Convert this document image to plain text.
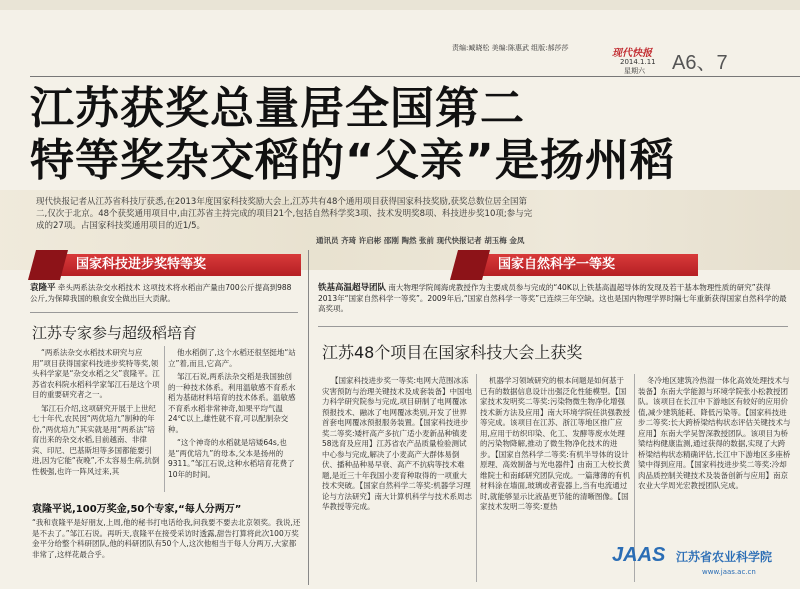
责编:臧晓松 美编:陈惠武 组版:郝莎莎	现代快报
2014.1.11
星期六 A6、7
江苏获奖总量居全国第二
特等奖杂交稻的“父亲”是扬州稻
现代快报记者从江苏省科技厅获悉,在2013年度国家科技奖励大会上,江苏共有48个通用项目获得国家科技奖励,获奖总数位居全国第二,仅次于北京。48个获奖通用项目中,由江苏省主持完成的项目21个,包括自然科学奖3项、技术发明奖8项、科技进步奖10项;参与完成的27项。占国家科技奖通用项目的近1/5。
通讯员 齐琦 许启彬 邵刚 陶然 张前 现代快报记者 胡玉梅 金凤
国家科技进步奖特等奖
袁隆平 牵头两系法杂交水稻技术 这项技术将水稻亩产量由700公斤提高到988公斤,为保障我国的粮食安全做出巨大贡献。
江苏专家参与超级稻培育

“两系法杂交水稻技术研究与应用”项目获得国家科技进步奖特等奖,领头科学家是“杂交水稻之父”袁隆平。江苏省农科院水稻科学家邹江石是这个项目的重要研究者之一。

邹江石介绍,这项研究开展于上世纪七十年代,农民因“两优培九”制种的年份,“两优培九”其实就是用“两系法”培育出来的杂交水稻,目前越南、非律宾、印尼、巴基斯坦等多国都能要引进,因为它能“夜晚”,不太容易生病,抗倒性极强,也许一阵风过来,其

他水稻倒了,这个水稻还很坚挺地“站立”着,而且,它高产。

邹江石说,两系法杂交稻是我国独创的一种技术体系。利用温敏感不育系水稻为基础材料培育的技术体系。温敏感不育系水稻非常神奇,如果平均气温24℃以上,雄性就不育,可以配制杂交种。

“这个神奇的水稻就是培矮64s,也是“两优培九”的母本,父本是扬州的9311。”邹江石说,这种水稻培育花费了10年的时间。

袁隆平说,100万奖金,50个专家,“每人分两万”
“我和袁隆平是好朋友,上周,他的秘书打电话给我,问我要不要去北京领奖。我说,还是不去了。”邹江石说。再听天,袁隆平在接受采访时透露,甜告打算将此次100万奖金平分给整个科研团队,他的科研团队有50个人,这次他相当于每人分两万,大家都非常了,这样花最合乎。
国家自然科学一等奖
铁基高温超导团队 南大物理学院闻海虎教授作为主要成员参与完成的“40K以上铁基高温超导体的发现及若干基本物理性质的研究”获得2013年“国家自然科学一等奖”。2009年后,“国家自然科学一等奖”已连续三年空缺。这也是国内物理学界时隔七年重新获得国家自然科学的最高奖项。
江苏48个项目在国家科技大会上获奖

【国家科技进步奖一等奖:电网大范围冰冻灾害预防与治理关键技术及成套装备】中国电力科学研究院参与完成,项目研制了电网覆冰预报技术、融冰了电网覆冰类别,开发了世界首套电网覆冰预报服务装置。【国家科技进步奖二等奖:矮杆高产多抗广适小麦新品种镇麦58选育及应用】江苏省农产品质量检验测试中心参与完成,解决了小麦高产大群体易倒伏、播种品种易早衰、高产不抗病等技术难题,是近三十年我国小麦育种取得的一项重大技术突破。【国家自然科学二等奖:机器学习理论与方法研究】南大计算机科学与技术系周志华教授等完成。

机器学习领域研究的根本问题是如何基于已有的数据信息设计出强泛化性能模型。【国家技术发明奖二等奖:污染物微生物净化增强技术新方法及应用】南大环境学院任洪强教授等完成。该项目在江苏、浙江等地区推广应用,应用于纺织印染、化工、发酵等废水处理的污染物降解,推动了微生物净化技术的进步。【国家自然科学二等奖:有机半导体的设计原理、高效制备与光电器件】由南工大校长黄维院士和南邮研究团队完成。一篇薄薄的有机材料涂在墙面,玻璃或者瓷器上,当有电流通过时,就能够显示比液晶更节能的清晰图像。【国家技术发明二等奖:夏热

冬冷地区建筑冷热湿一体化高效处理技术与装备】东南大学能源与环境学院张小松教授团队。该项目在长江中下游地区有较好的应用价值,减少建筑能耗、降低污染等。【国家科技进步二等奖:长大跨桥梁结构状态评估关键技术与应用】东南大学吴智深教授团队。该项目为桥梁结构健康监测,通过获得的数据,实现了大跨桥梁结构状态精确评估,长江中下游地区多座桥梁中得到应用。【国家科技进步奖二等奖:冷却肉品质控制关键技术及装备创新与应用】南京农业大学周光宏教授团队完成。

JAAS 江苏省农业科学院
www.jaas.ac.cn
